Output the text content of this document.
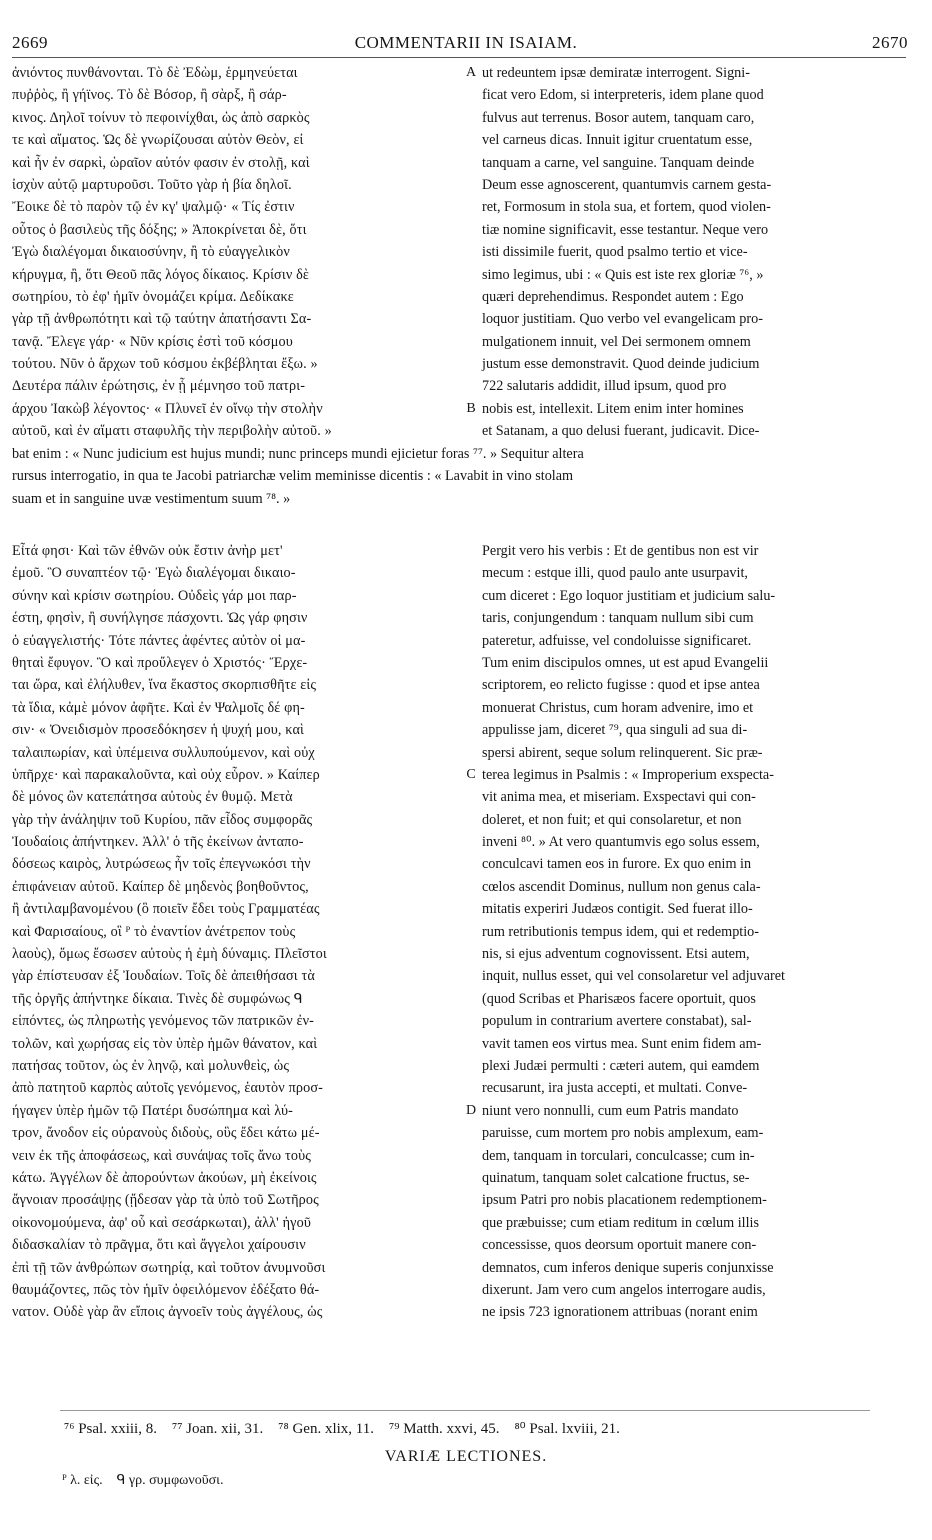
2669	COMMENTARII IN ISAIAM.	2670
ἀνιόντος πυνθάνονται. Τὸ δὲ Ἐδὼμ, ἑρμηνεύεται	A ut redeuntem ipsæ demiratæ interrogent. Signi-
πυῤῥὸς, ἢ γήϊνος. Τὸ δὲ Βόσορ, ἢ σὰρξ, ἢ σάρ-	ficat vero Edom, si interpreteris, idem plane quod
κινος. Δηλοῖ τοίνυν τὸ πεφοινίχθαι, ὡς ἀπὸ σαρκὸς	fulvus aut terrenus. Bosor autem, tanquam caro,
τε καὶ αἵματος. Ὡς δὲ γνωρίζουσαι αὐτὸν Θεὸν, εἰ	vel carneus dicas. Innuit igitur cruentatum esse,
καὶ ἦν ἐν σαρκὶ, ὡραῖον αὐτόν φασιν ἐν στολῇ, καὶ	tanquam a carne, vel sanguine. Tanquam deinde
ἰσχὺν αὐτῷ μαρτυροῦσι. Τοῦτο γὰρ ἡ βία δηλοῖ.	Deum esse agnoscerent, quantumvis carnem gesta-
Ἔοικε δὲ τὸ παρὸν τῷ ἐν κγ' ψαλμῷ· « Τίς ἐστιν	ret, Formosum in stola sua, et fortem, quod violen-
οὗτος ὁ βασιλεὺς τῆς δόξης; » Ἀποκρίνεται δὲ, ὅτι	tiæ nomine significavit, esse testantur. Neque vero
Ἐγὼ διαλέγομαι δικαιοσύνην, ἢ τὸ εὐαγγελικὸν	isti dissimile fuerit, quod psalmo tertio et vice-
κήρυγμα, ἢ, ὅτι Θεοῦ πᾶς λόγος δίκαιος. Κρίσιν δὲ	simo legimus, ubi : « Quis est iste rex gloriæ ⁷⁶, »
σωτηρίου, τὸ ἐφ' ἡμῖν ὀνομάζει κρίμα. Δεδίκακε	quæri deprehendimus. Respondet autem : Ego
γὰρ τῇ ἀνθρωπότητι καὶ τῷ ταύτην ἀπατήσαντι Σα-	loquor justitiam. Quo verbo vel evangelicam pro-
τανᾷ. Ἔλεγε γάρ· « Νῦν κρίσις ἐστὶ τοῦ κόσμου	mulgationem innuit, vel Dei sermonem omnem
τούτου. Νῦν ὁ ἄρχων τοῦ κόσμου ἐκβέβληται ἔξω. »	justum esse demonstravit. Quod deinde judicium
Δευτέρα πάλιν ἐρώτησις, ἐν ᾗ μέμνησο τοῦ πατρι-	722 salutaris addidit, illud ipsum, quod pro
άρχου Ἰακὼβ λέγοντος· « Πλυνεῖ ἐν οἴνῳ τὴν στολὴν	B nobis est, intellexit. Litem enim inter homines
αὐτοῦ, καὶ ἐν αἵματι σταφυλῆς τὴν περιβολὴν αὐτοῦ. »	et Satanam, a quo delusi fuerant, judicavit. Dice-
bat enim : « Nunc judicium est hujus mundi; nunc princeps mundi ejicietur foras ⁷⁷. » Sequitur altera
rursus interrogatio, in qua te Jacobi patriarchæ velim meminisse dicentis : « Lavabit in vino stolam
suam et in sanguine uvæ vestimentum suum ⁷⁸. »
Εἶτά φησι· Καὶ τῶν ἐθνῶν οὐκ ἔστιν ἀνὴρ μετ'	Pergit vero his verbis : Et de gentibus non est vir
ἐμοῦ. Ὃ συναπτέον τῷ· Ἐγὼ διαλέγομαι δικαιο-	mecum : estque illi, quod paulo ante usurpavit,
σύνην καὶ κρίσιν σωτηρίου. Οὐδεὶς γάρ μοι παρ-	cum diceret : Ego loquor justitiam et judicium salu-
έστη, φησὶν, ἢ συνήλγησε πάσχοντι. Ὡς γάρ φησιν	taris, conjungendum : tanquam nullum sibi cum
ὁ εὐαγγελιστής· Τότε πάντες ἀφέντες αὐτὸν οἱ μα-	pateretur, adfuisse, vel condoluisse significaret.
θηταὶ ἔφυγον. Ὃ καὶ προὔλεγεν ὁ Χριστός· Ἔρχε-	Tum enim discipulos omnes, ut est apud Evangelii
ται ὥρα, καὶ ἐλήλυθεν, ἵνα ἕκαστος σκορπισθῆτε εἰς	scriptorem, eo relicto fugisse : quod et ipse antea
τὰ ἴδια, κἀμὲ μόνον ἀφῆτε. Καὶ ἐν Ψαλμοῖς δέ φη-	monuerat Christus, cum horam advenire, imo et
σιν· « Ὀνειδισμὸν προσεδόκησεν ἡ ψυχή μου, καὶ	appulisse jam, diceret ⁷⁹, qua singuli ad sua di-
ταλαιπωρίαν, καὶ ὑπέμεινα συλλυπούμενον, καὶ οὐχ	spersi abirent, seque solum relinquerent. Sic præ-
ὑπῆρχε· καὶ παρακαλοῦντα, καὶ οὐχ εὗρον. » Καίπερ	C terea legimus in Psalmis : « Improperium exspecta-
δὲ μόνος ὢν κατεπάτησα αὐτοὺς ἐν θυμῷ. Μετὰ	vit anima mea, et miseriam. Exspectavi qui con-
γὰρ τὴν ἀνάληψιν τοῦ Κυρίου, πᾶν εἶδος συμφορᾶς	doleret, et non fuit; et qui consolaretur, et non
Ἰουδαίοις ἀπήντηκεν. Ἀλλ' ὁ τῆς ἐκείνων ἀνταπο-	inveni ⁸⁰. » At vero quantumvis ego solus essem,
δόσεως καιρὸς, λυτρώσεως ἦν τοῖς ἐπεγνωκόσι τὴν	conculcavi tamen eos in furore. Ex quo enim in
ἐπιφάνειαν αὐτοῦ. Καίπερ δὲ μηδενὸς βοηθοῦντος,	cœlos ascendit Dominus, nullum non genus cala-
ἢ ἀντιλαμβανομένου (ὃ ποιεῖν ἔδει τοὺς Γραμματέας	mitatis experiri Judæos contigit. Sed fuerat illo-
καὶ Φαρισαίους, οἳ ᴾ τὸ ἐναντίον ἀνέτρεπον τοὺς	rum retributionis tempus idem, qui et redemptio-
λαοὺς), ὅμως ἔσωσεν αὐτοὺς ἡ ἐμὴ δύναμις. Πλεῖστοι	nis, si ejus adventum cognovissent. Etsi autem,
γὰρ ἐπίστευσαν ἐξ Ἰουδαίων. Τοῖς δὲ ἀπειθήσασι τὰ	inquit, nullus esset, qui vel consolaretur vel adjuvaret
τῆς ὀργῆς ἀπήντηκε δίκαια. Τινὲς δὲ συμφώνως ᑫ	(quod Scribas et Pharisæos facere oportuit, quos
εἰπόντες, ὡς πληρωτὴς γενόμενος τῶν πατρικῶν ἐν-	populum in contrarium avertere constabat), sal-
τολῶν, καὶ χωρήσας εἰς τὸν ὑπὲρ ἡμῶν θάνατον, καὶ	vavit tamen eos virtus mea. Sunt enim fidem am-
πατήσας τοῦτον, ὡς ἐν ληνῷ, καὶ μολυνθεὶς, ὡς	plexi Judæi permulti : cæteri autem, qui eamdem
ἀπὸ πατητοῦ καρπὸς αὐτοῖς γενόμενος, ἑαυτὸν προσ-	recusarunt, ira justa accepti, et multati. Conve-
ήγαγεν ὑπὲρ ἡμῶν τῷ Πατέρι δυσώπημα καὶ λύ-	D niunt vero nonnulli, cum eum Patris mandato
τρον, ἄνοδον εἰς οὐρανοὺς διδοὺς, οὓς ἔδει κάτω μέ-	paruisse, cum mortem pro nobis amplexum, eam-
νειν ἐκ τῆς ἀποφάσεως, καὶ συνάψας τοῖς ἄνω τοὺς	dem, tanquam in torculari, conculcasse; cum in-
κάτω. Ἀγγέλων δὲ ἀπορούντων ἀκούων, μὴ ἐκείνοις	quinatum, tanquam solet calcatione fructus, se-
ἄγνοιαν προσάψῃς (ᾔδεσαν γὰρ τὰ ὑπὸ τοῦ Σωτῆρος	ipsum Patri pro nobis placationem redemptionem-
οἰκονομούμενα, ἀφ' οὗ καὶ σεσάρκωται), ἀλλ' ἡγοῦ	que præbuisse; cum etiam reditum in cœlum illis
διδασκαλίαν τὸ πρᾶγμα, ὅτι καὶ ἄγγελοι χαίρουσιν	concessisse, quos deorsum oportuit manere con-
ἐπὶ τῇ τῶν ἀνθρώπων σωτηρίᾳ, καὶ τοῦτον ἀνυμνοῦσι	demnatos, cum inferos denique superis conjunxisse
θαυμάζοντες, πῶς τὸν ἡμῖν ὀφειλόμενον ἐδέξατο θά-	dixerunt. Jam vero cum angelos interrogare audis,
νατον. Οὐδὲ γὰρ ἂν εἴποις ἀγνοεῖν τοὺς ἀγγέλους, ὡς	ne ipsis 723 ignorationem attribuas (norant enim
⁷⁶ Psal. xxiii, 8.    ⁷⁷ Joan. xii, 31.    ⁷⁸ Gen. xlix, 11.    ⁷⁹ Matth. xxvi, 45.    ⁸⁰ Psal. lxviii, 21.
VARIÆ LECTIONES.
ᴾ λ. εἰς.    ᑫ γρ. συμφωνοῦσι.
